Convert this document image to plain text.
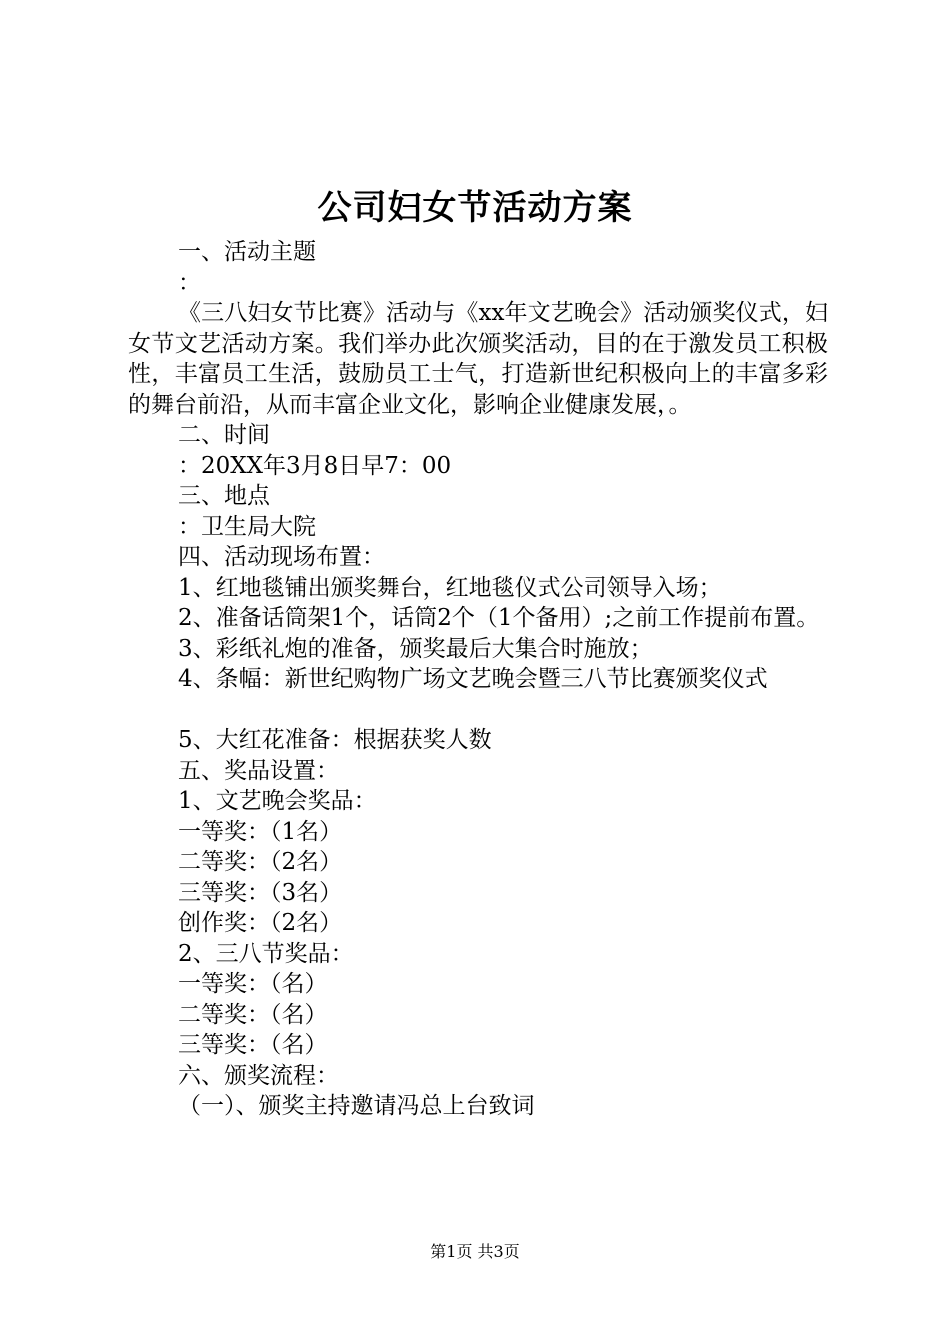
公司妇女节活动方案

一、活动主题

：

《三八妇女节比赛》活动与《xx年文艺晚会》活动颁奖仪式，妇女节文艺活动方案。我们举办此次颁奖活动，目的在于激发员工积极性，丰富员工生活，鼓励员工士气，打造新世纪积极向上的丰富多彩的舞台前沿，从而丰富企业文化，影响企业健康发展，。

二、时间

：20XX年3月8日早7：00

三、地点

：卫生局大院

四、活动现场布置：

1、红地毯铺出颁奖舞台，红地毯仪式公司领导入场；

2、准备话筒架1个，话筒2个（1个备用）;之前工作提前布置。

3、彩纸礼炮的准备，颁奖最后大集合时施放；

4、条幅：新世纪购物广场文艺晚会暨三八节比赛颁奖仪式

5、大红花准备：根据获奖人数

五、奖品设置：

1、文艺晚会奖品：

一等奖：（1名）

二等奖：（2名）

三等奖：（3名）

创作奖：（2名）

2、三八节奖品：

一等奖：（名）

二等奖：（名）

三等奖：（名）

六、颁奖流程：

（一）、颁奖主持邀请冯总上台致词

第1页 共3页
